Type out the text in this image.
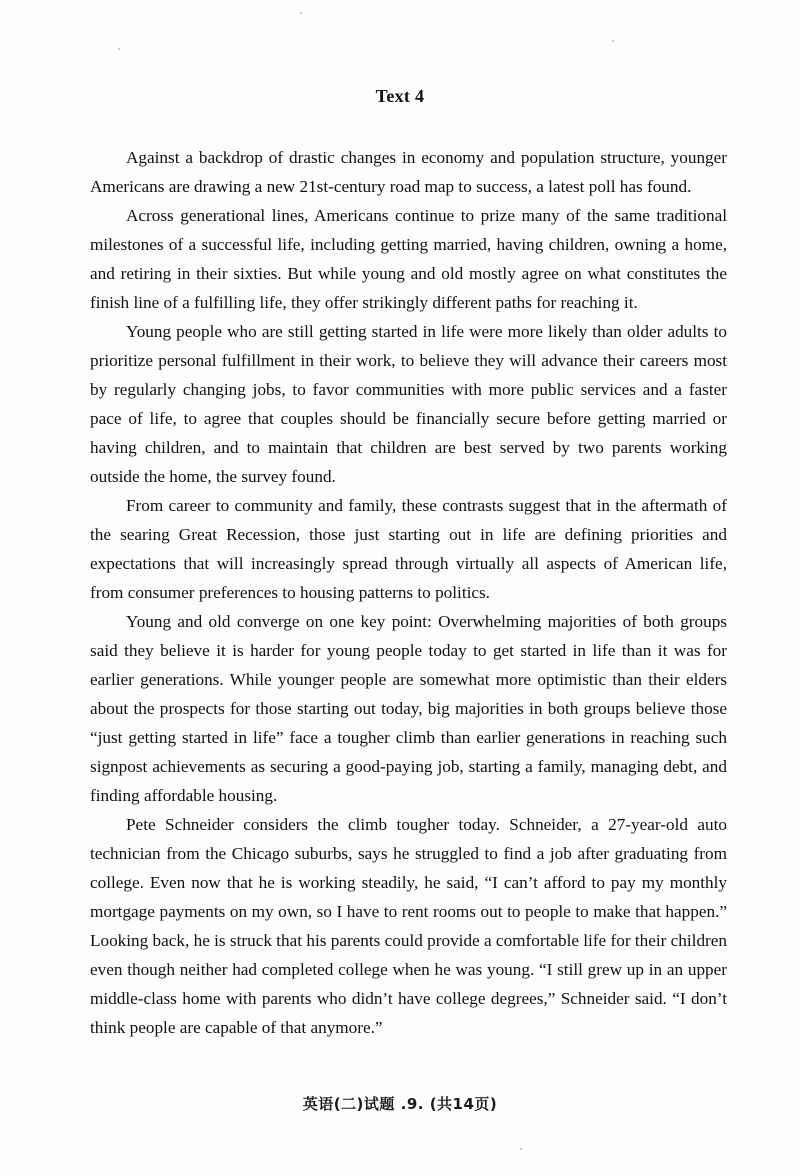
Text 4

Against a backdrop of drastic changes in economy and population structure, younger Americans are drawing a new 21st-century road map to success, a latest poll has found.

Across generational lines, Americans continue to prize many of the same traditional milestones of a successful life, including getting married, having children, owning a home, and retiring in their sixties. But while young and old mostly agree on what constitutes the finish line of a fulfilling life, they offer strikingly different paths for reaching it.

Young people who are still getting started in life were more likely than older adults to prioritize personal fulfillment in their work, to believe they will advance their careers most by regularly changing jobs, to favor communities with more public services and a faster pace of life, to agree that couples should be financially secure before getting married or having children, and to maintain that children are best served by two parents working outside the home, the survey found.

From career to community and family, these contrasts suggest that in the aftermath of the searing Great Recession, those just starting out in life are defining priorities and expectations that will increasingly spread through virtually all aspects of American life, from consumer preferences to housing patterns to politics.

Young and old converge on one key point: Overwhelming majorities of both groups said they believe it is harder for young people today to get started in life than it was for earlier generations. While younger people are somewhat more optimistic than their elders about the prospects for those starting out today, big majorities in both groups believe those “just getting started in life” face a tougher climb than earlier generations in reaching such signpost achievements as securing a good-paying job, starting a family, managing debt, and finding affordable housing.

Pete Schneider considers the climb tougher today. Schneider, a 27-year-old auto technician from the Chicago suburbs, says he struggled to find a job after graduating from college. Even now that he is working steadily, he said, “I can’t afford to pay my monthly mortgage payments on my own, so I have to rent rooms out to people to make that happen.” Looking back, he is struck that his parents could provide a comfortable life for their children even though neither had completed college when he was young. “I still grew up in an upper middle-class home with parents who didn’t have college degrees,” Schneider said. “I don’t think people are capable of that anymore.”

英语(二)试题 .9. (共14页)
